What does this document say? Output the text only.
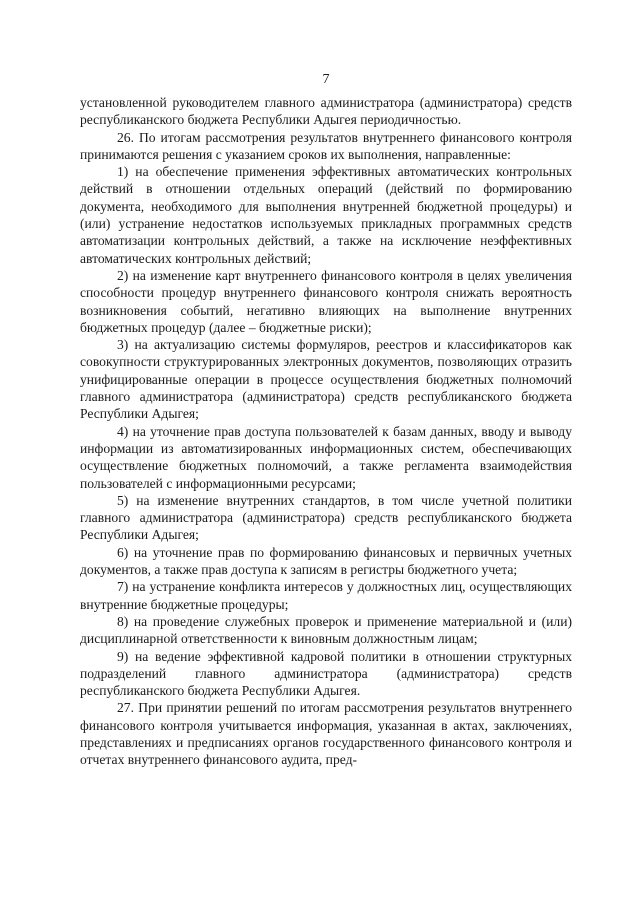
7

установленной руководителем главного администратора (администратора) средств республиканского бюджета Республики Адыгея периодичностью.

26. По итогам рассмотрения результатов внутреннего финансового контроля принимаются решения с указанием сроков их выполнения, направленные:

1) на обеспечение применения эффективных автоматических контрольных действий в отношении отдельных операций (действий по формированию документа, необходимого для выполнения внутренней бюджетной процедуры) и (или) устранение недостатков используемых прикладных программных средств автоматизации контрольных действий, а также на исключение неэффективных автоматических контрольных действий;

2) на изменение карт внутреннего финансового контроля в целях увеличения способности процедур внутреннего финансового контроля снижать вероятность возникновения событий, негативно влияющих на выполнение внутренних бюджетных процедур (далее – бюджетные риски);

3) на актуализацию системы формуляров, реестров и классификаторов как совокупности структурированных электронных документов, позволяющих отразить унифицированные операции в процессе осуществления бюджетных полномочий главного администратора (администратора) средств республиканского бюджета Республики Адыгея;

4) на уточнение прав доступа пользователей к базам данных, вводу и выводу информации из автоматизированных информационных систем, обеспечивающих осуществление бюджетных полномочий, а также регламента взаимодействия пользователей с информационными ресурсами;

5) на изменение внутренних стандартов, в том числе учетной политики главного администратора (администратора) средств республиканского бюджета Республики Адыгея;

6) на уточнение прав по формированию финансовых и первичных учетных документов, а также прав доступа к записям в регистры бюджетного учета;

7) на устранение конфликта интересов у должностных лиц, осуществляющих внутренние бюджетные процедуры;

8) на проведение служебных проверок и применение материальной и (или) дисциплинарной ответственности к виновным должностным лицам;

9) на ведение эффективной кадровой политики в отношении структурных подразделений главного администратора (администратора) средств республиканского бюджета Республики Адыгея.

27. При принятии решений по итогам рассмотрения результатов внутреннего финансового контроля учитывается информация, указанная в актах, заключениях, представлениях и предписаниях органов государственного финансового контроля и отчетах внутреннего финансового аудита, пред-
